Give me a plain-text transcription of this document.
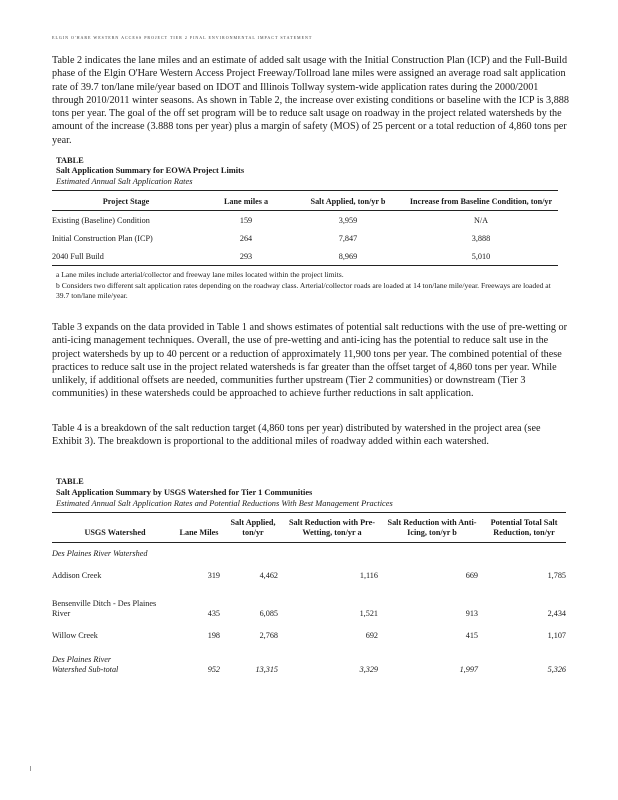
ELGIN O'HARE WESTERN ACCESS PROJECT TIER 2 FINAL ENVIRONMENTAL IMPACT STATEMENT
Table 2 indicates the lane miles and an estimate of added salt usage with the Initial Construction Plan (ICP) and the Full-Build phase of the Elgin O'Hare Western Access Project Freeway/Tollroad lane miles were assigned an average road salt application rate of 39.7 ton/lane mile/year based on IDOT and Illinois Tollway system-wide application rates during the 2000/2001 through 2010/2011 winter seasons. As shown in Table 2, the increase over existing conditions or baseline with the ICP is 3,888 tons per year. The goal of the off set program will be to reduce salt usage on roadway in the project related watersheds by the amount of the increase (3.888 tons per year) plus a margin of safety (MOS) of 25 percent or a total reduction of 4,860 tons per year.
TABLE
Salt Application Summary for EOWA Project Limits
Estimated Annual Salt Application Rates
Project Stage	Lane miles a	Salt Applied, ton/yr b	Increase from Baseline Condition, ton/yr
Existing (Baseline) Condition	159	3,959	N/A
Initial Construction Plan (ICP)	264	7,847	3,888
2040 Full Build	293	8,969	5,010
a Lane miles include arterial/collector and freeway lane miles located within the project limits.
b Considers two different salt application rates depending on the roadway class. Arterial/collector roads are loaded at 14 ton/lane mile/year. Freeways are loaded at 39.7 ton/lane mile/year.
Table 3 expands on the data provided in Table 1 and shows estimates of potential salt reductions with the use of pre-wetting or anti-icing management techniques. Overall, the use of pre-wetting and anti-icing has the potential to reduce salt use in the project watersheds by up to 40 percent or a reduction of approximately 11,900 tons per year. The combined potential of these practices to reduce salt use in the project related watersheds is far greater than the offset target of 4,860 tons per year. While unlikely, if additional offsets are needed, communities further upstream (Tier 2 communities) or downstream (Tier 3 communities) in these watersheds could be approached to achieve further reductions in salt application.
Table 4 is a breakdown of the salt reduction target (4,860 tons per year) distributed by watershed in the project area (see Exhibit 3). The breakdown is proportional to the additional miles of roadway added within each watershed.
TABLE
Salt Application Summary by USGS Watershed for Tier 1 Communities
Estimated Annual Salt Application Rates and Potential Reductions With Best Management Practices
USGS Watershed	Lane Miles	Salt Applied, ton/yr	Salt Reduction with Pre-Wetting, ton/yr a	Salt Reduction with Anti-Icing, ton/yr b	Potential Total Salt Reduction, ton/yr
Des Plaines River Watershed					
Addison Creek	319	4,462	1,116	669	1,785
Bensenville Ditch - Des Plaines River	435	6,085	1,521	913	2,434
Willow Creek	198	2,768	692	415	1,107
Des Plaines River Watershed Sub-total	952	13,315	3,329	1,997	5,326
